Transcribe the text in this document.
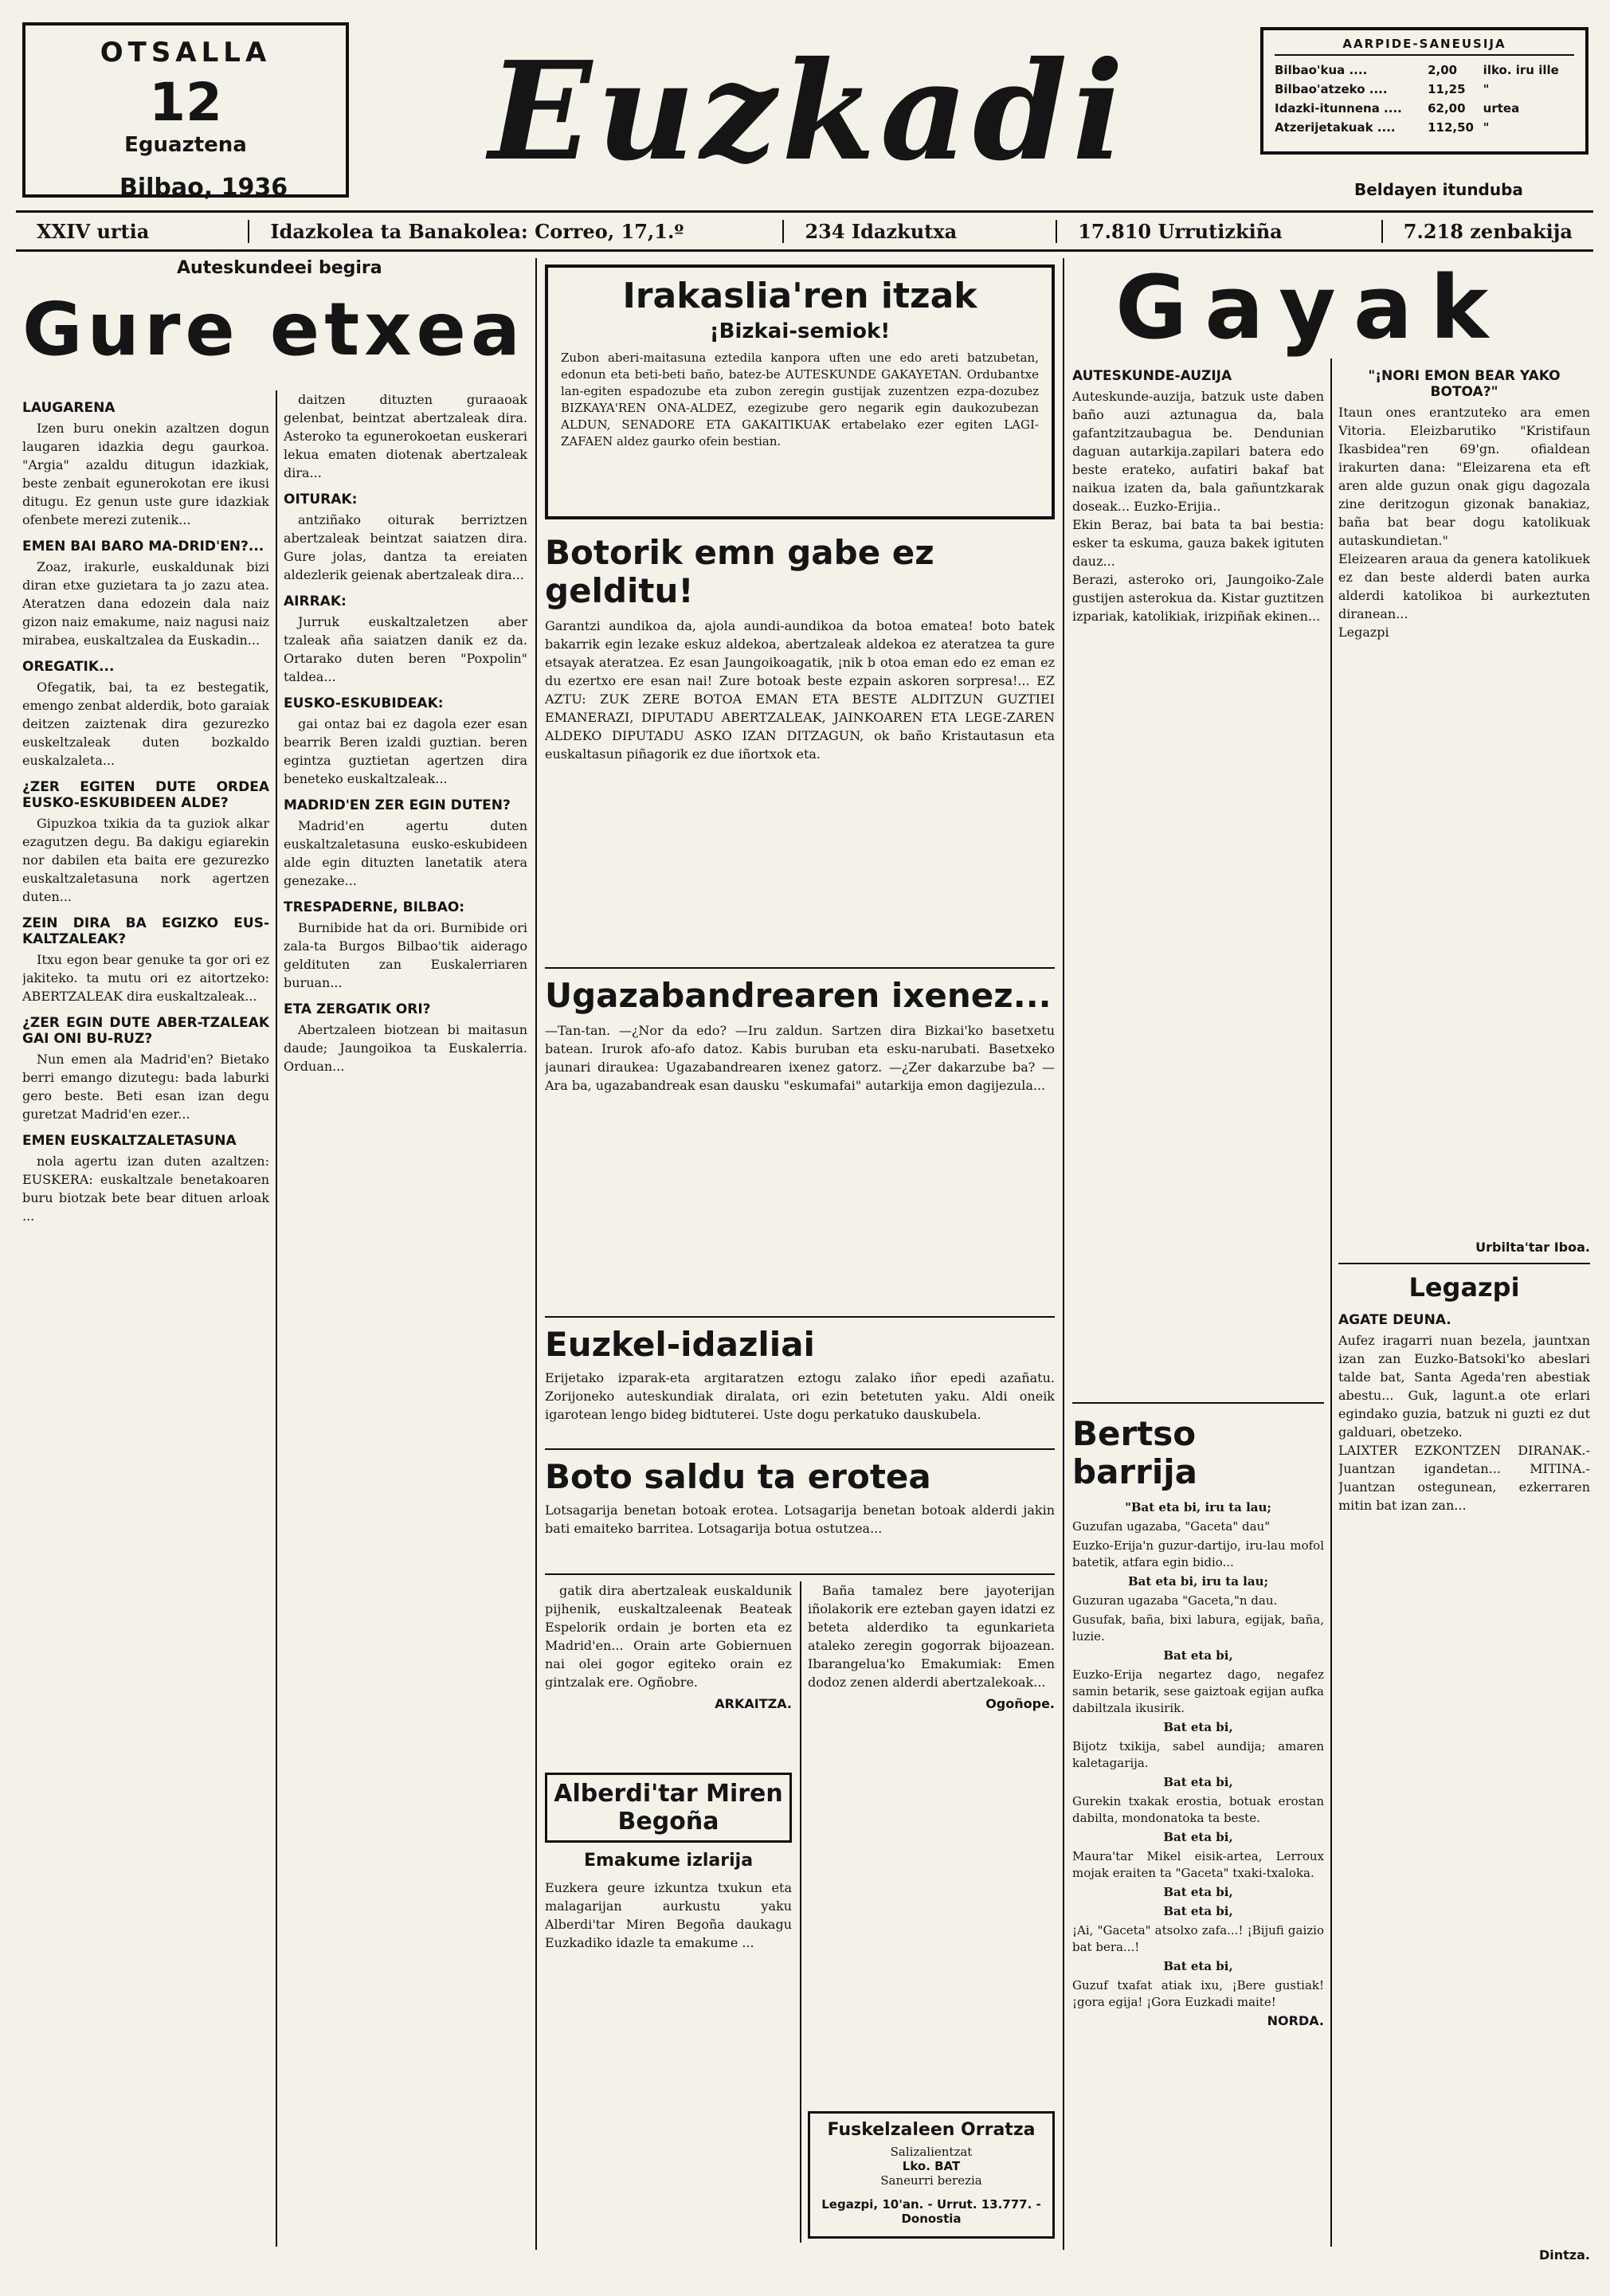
OTSALLA
12
Eguaztena
Bilbao, 1936 Euzkadi	AARPIDE-SANEUSIJA
Bilbao'kua ....	2,00	ilko. iru ille
Bilbao'atzeko ....	11,25	"
Idazki-itunnena ....	62,00	urtea
Atzerijetakuak ....	112,50	"
Beldayen itunduba
XXIV urtia	Idazkolea ta Banakolea: Correo, 17,1.º	234 Idazkutxa	17.810 Urrutizkiña	7.218 zenbakija
Auteskundeei begira
Gure etxea
LAUGARENA

Izen buru onekin azaltzen dogun laugaren idazkia degu gaurkoa. "Argia" azaldu ditugun idazkiak, beste zenbait egunerokotan ere ikusi ditugu. Ez genun uste gure idazkiak ofenbete merezi zutenik...

EMEN BAI BARO MA-DRID'EN?...

Zoaz, irakurle, euskaldunak bizi diran etxe guzietara ta jo zazu atea. Ateratzen dana edozein dala naiz gizon naiz emakume, naiz nagusi naiz mirabea, euskaltzalea da Euskadin...

OREGATIK...

Ofegatik, bai, ta ez bestegatik, emengo zenbat alderdik, boto garaiak deitzen zaiztenak dira gezurezko euskeltzaleak duten bozkaldo euskalzaleta...

¿ZER EGITEN DUTE ORDEA EUSKO-ESKUBIDEEN ALDE?

Gipuzkoa txikia da ta guziok alkar ezagutzen degu. Ba dakigu egiarekin nor dabilen eta baita ere gezurezko euskaltzaletasuna nork agertzen duten...

ZEIN DIRA BA EGIZKO EUS-KALTZALEAK?

Itxu egon bear genuke ta gor ori ez jakiteko. ta mutu ori ez aitortzeko: ABERTZALEAK dira euskaltzaleak...

¿ZER EGIN DUTE ABER-TZALEAK GAI ONI BU-RUZ?

Nun emen ala Madrid'en? Bietako berri emango dizutegu: bada laburki gero beste. Beti esan izan degu guretzat Madrid'en ezer...

EMEN EUSKALTZALETASUNA

nola agertu izan duten azaltzen: EUSKERA: euskaltzale benetakoaren buru biotzak bete bear dituen arloak ...

daitzen dituzten guraaoak gelenbat, beintzat abertzaleak dira. Asteroko ta egunerokoetan euskerari lekua ematen diotenak abertzaleak dira...

OITURAK:

antziñako oiturak berriztzen abertzaleak beintzat saiatzen dira. Gure jolas, dantza ta ereiaten aldezlerik geienak abertzaleak dira...

AIRRAK:

Jurruk euskaltzaletzen aber tzaleak aña saiatzen danik ez da. Ortarako duten beren "Poxpolin" taldea...

EUSKO-ESKUBIDEAK:

gai ontaz bai ez dagola ezer esan bearrik Beren izaldi guztian. beren egintza guztietan agertzen dira beneteko euskaltzaleak...

MADRID'EN ZER EGIN DUTEN?

Madrid'en agertu duten euskaltzaletasuna eusko-eskubideen alde egin dituzten lanetatik atera genezake...

TRESPADERNE, BILBAO:

Burnibide hat da ori. Burnibide ori zala-ta Burgos Bilbao'tik aiderago geldituten zan Euskalerriaren buruan...

ETA ZERGATIK ORI?

Abertzaleen biotzean bi maitasun daude; Jaungoikoa ta Euskalerria. Orduan...

Irakaslia'ren itzak
¡Bizkai-semiok!
Zubon aberi-maitasuna eztedila kanpora uften une edo areti batzubetan, edonun eta beti-beti baño, batez-be AUTESKUNDE GAKAYETAN. Ordubantxe lan-egiten espadozube eta zubon zeregin gustijak zuzentzen ezpa-dozubez BIZKAYA'REN ONA-ALDEZ, ezegizube gero negarik egin daukozubezan ALDUN, SENADORE ETA GAKAITIKUAK ertabelako ezer egiten LAGI-ZAFAEN aldez gaurko ofein bestian.
Botorik emn gabe ez gelditu!
Garantzi aundikoa da, ajola aundi-aundikoa da botoa ematea! boto batek bakarrik egin lezake eskuz aldekoa, abertzaleak aldekoa ez ateratzea ta gure etsayak ateratzea. Ez esan Jaungoikoagatik, ¡nik b otoa eman edo ez eman ez du ezertxo ere esan nai! Zure botoak beste ezpain askoren sorpresa!... EZ AZTU: ZUK ZERE BOTOA EMAN ETA BESTE ALDITZUN GUZTIEI EMANERAZI, DIPUTADU ABERTZALEAK, JAINKOAREN ETA LEGE-ZAREN ALDEKO DIPUTADU ASKO IZAN DITZAGUN, ok baño Kristautasun eta euskaltasun piñagorik ez due iñortxok eta.
Ugazabandrearen ixenez...
—Tan-tan. —¿Nor da edo? —Iru zaldun. Sartzen dira Bizkai'ko basetxetu batean. Irurok afo-afo datoz. Kabis buruban eta esku-narubati. Basetxeko jaunari diraukea: Ugazabandrearen ixenez gatorz. —¿Zer dakarzube ba? —Ara ba, ugazabandreak esan dausku "eskumafai" autarkija emon dagijezula...
Euzkel-idazliai
Erijetako izparak-eta argitaratzen eztogu zalako iñor epedi azañatu. Zorijoneko auteskundiak diralata, ori ezin betetuten yaku. Aldi oneik igarotean lengo bideg bidtuterei. Uste dogu perkatuko dauskubela.
Boto saldu ta erotea
Lotsagarija benetan botoak erotea. Lotsagarija benetan botoak alderdi jakin bati emaiteko barritea. Lotsagarija botua ostutzea...

gatik dira abertzaleak euskaldunik pijhenik, euskaltzaleenak Beateak Espelorik ordain je borten eta ez Madrid'en... Orain arte Gobiernuen nai olei gogor egiteko orain ez gintzalak ere. Ogñobre.

ARKAITZA.

Baña tamalez bere jayoterijan iñolakorik ere ezteban gayen idatzi ez beteta alderdiko ta egunkarieta ataleko zeregin gogorrak bijoazean. Ibarangelua'ko Emakumiak: Emen dodoz zenen alderdi abertzalekoak...

Ogoñope.
Alberdi'tar Miren Begoña
Emakume izlarija
Euzkera geure izkuntza txukun eta malagarijan aurkustu yaku Alberdi'tar Miren Begoña daukagu Euzkadiko idazle ta emakume ...
Fuskelzaleen Orratza
Salizalientzat
Lko. BAT
Saneurri berezia
Legazpi, 10'an. - Urrut. 13.777. - Donostia
Gayak
AUTESKUNDE-AUZIJA
Auteskunde-auzija, batzuk uste daben baño auzi aztunagua da, bala gafantzitzaubagua be. Dendunian daguan autarkija.zapilari batera edo beste erateko, aufatiri bakaf bat naikua izaten da, bala gañuntzkarak doseak... Euzko-Erijia..
Ekin Beraz, bai bata ta bai bestia: esker ta eskuma, gauza bakek igituten dauz...
Berazi, asteroko ori, Jaungoiko-Zale gustijen asterokua da. Kistar guztitzen izpariak, katolikiak, irizpiñak ekinen...
Bertso barrija
"Bat eta bi, iru ta lau;
Guzufan ugazaba, "Gaceta" dau"
Euzko-Erija'n guzur-dartijo, iru-lau mofol batetik, atfara egin bidio...
Bat eta bi, iru ta lau;
Guzuran ugazaba "Gaceta,"n dau.
Gusufak, baña, bixi labura, egijak, baña, luzie.
Bat eta bi,
Euzko-Erija negartez dago, negafez samin betarik, sese gaiztoak egijan aufka dabiltzala ikusirik.
Bat eta bi,
Bijotz txikija, sabel aundija; amaren kaletagarija.
Bat eta bi,
Gurekin txakak erostia, botuak erostan dabilta, mondonatoka ta beste.
Bat eta bi,
Maura'tar Mikel eisik-artea, Lerroux mojak eraiten ta "Gaceta" txaki-txaloka.
Bat eta bi,
Bat eta bi,
¡Ai, "Gaceta" atsolxo zafa...! ¡Bijufi gaizio bat bera...!
Bat eta bi,
Guzuf txafat atiak ixu, ¡Bere gustiak! ¡gora egija! ¡Gora Euzkadi maite!
NORDA.
"¡NORI EMON BEAR YAKO BOTOA?"
Itaun ones erantzuteko ara emen Vitoria. Eleizbarutiko "Kristifaun Ikasbidea"ren 69'gn. ofialdean irakurten dana: "Eleizarena eta eft aren alde guzun onak gigu dagozala zine deritzogun gizonak banakiaz, baña bat bear dogu katolikuak autaskundietan."
Eleizearen araua da genera katolikuek ez dan beste alderdi baten aurka alderdi katolikoa bi aurkeztuten diranean...
Legazpi
Urbilta'tar Iboa.
Legazpi
AGATE DEUNA.
Aufez iragarri nuan bezela, jauntxan izan zan Euzko-Batsoki'ko abeslari talde bat, Santa Ageda'ren abestiak abestu... Guk, lagunt.a ote erlari egindako guzia, batzuk ni guzti ez dut galduari, obetzeko.
LAIXTER EZKONTZEN DIRANAK.- Juantzan igandetan... MITINA.- Juantzan ostegunean, ezkerraren mitin bat izan zan...
Dintza.
